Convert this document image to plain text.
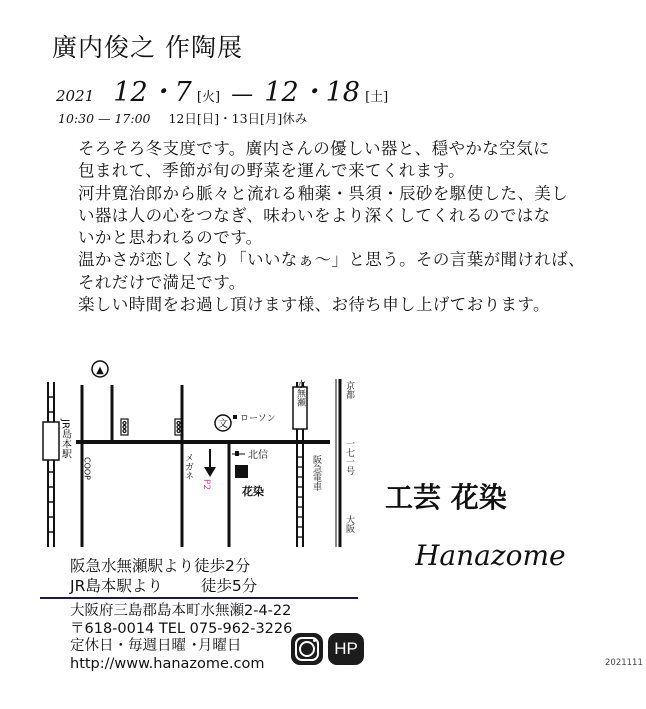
廣内俊之 作陶展
2021 12・7 [火] — 12・18 [土]
10:30 — 17:00 12日[日]・13日[月]休み
そろそろ冬支度です。廣内さんの優しい器と、穏やかな空気に
包まれて、季節が旬の野菜を運んで来てくれます。
河井寛治郎から脈々と流れる釉薬・呉須・辰砂を駆使した、美し
い器は人の心をつなぎ、味わいをより深くしてくれるのではな
いかと思われるのです。
温かさが恋しくなり「いいなぁ～」と思う。その言葉が聞ければ、
それだけで満足です。
楽しい時間をお過し頂けます様、お待ち申し上げております。
▲
JR島本駅	文 ローソン
COOP	メガネ
P2
北信
花染
水無瀬
阪急電車
京都
一七一号
大阪
工芸 花染
Hanazome
阪急水無瀬駅より徒歩2分
JR島本駅より 徒歩5分
大阪府三島郡島本町水無瀬2-4-22
〒618-0014 TEL 075-962-3226
定休日・毎週日曜 ･月曜日
http://www.hanazome.com
HP
2021111
